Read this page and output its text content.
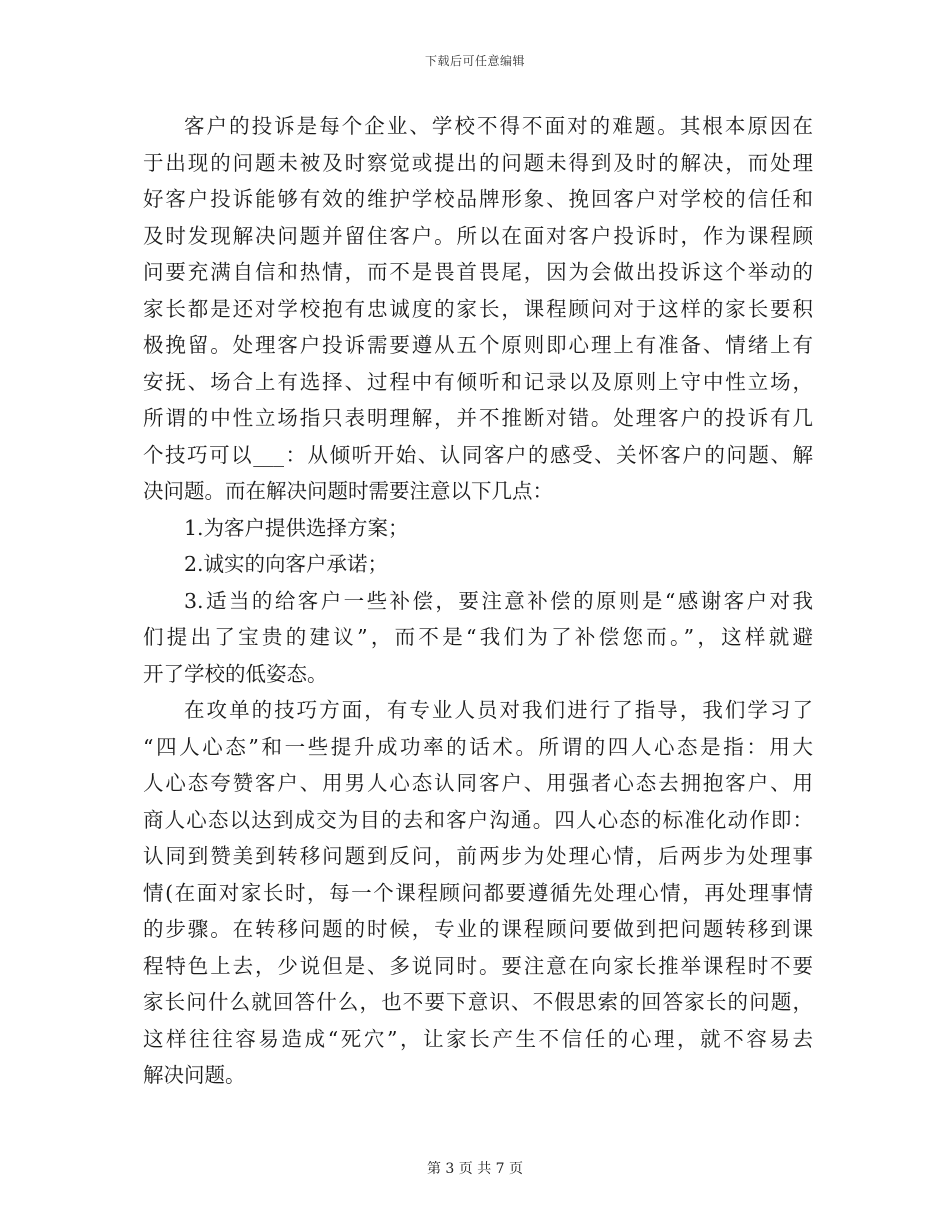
下载后可任意编辑
客户的投诉是每个企业、学校不得不面对的难题。其根本原因在
于出现的问题未被及时察觉或提出的问题未得到及时的解决，而处理
好客户投诉能够有效的维护学校品牌形象、挽回客户对学校的信任和
及时发现解决问题并留住客户。所以在面对客户投诉时，作为课程顾
问要充满自信和热情，而不是畏首畏尾，因为会做出投诉这个举动的
家长都是还对学校抱有忠诚度的家长，课程顾问对于这样的家长要积
极挽留。处理客户投诉需要遵从五个原则即心理上有准备、情绪上有
安抚、场合上有选择、过程中有倾听和记录以及原则上守中性立场，
所谓的中性立场指只表明理解，并不推断对错。处理客户的投诉有几
个技巧可以___：从倾听开始、认同客户的感受、关怀客户的问题、解
决问题。而在解决问题时需要注意以下几点：
1.为客户提供选择方案；
2.诚实的向客户承诺；
3.适当的给客户一些补偿，要注意补偿的原则是“感谢客户对我
们提出了宝贵的建议”，而不是“我们为了补偿您而。”，这样就避
开了学校的低姿态。
在攻单的技巧方面，有专业人员对我们进行了指导，我们学习了
“四人心态”和一些提升成功率的话术。所谓的四人心态是指：用大
人心态夸赞客户、用男人心态认同客户、用强者心态去拥抱客户、用
商人心态以达到成交为目的去和客户沟通。四人心态的标准化动作即：
认同到赞美到转移问题到反问，前两步为处理心情，后两步为处理事
情(在面对家长时，每一个课程顾问都要遵循先处理心情，再处理事情
的步骤。在转移问题的时候，专业的课程顾问要做到把问题转移到课
程特色上去，少说但是、多说同时。要注意在向家长推举课程时不要
家长问什么就回答什么，也不要下意识、不假思索的回答家长的问题，
这样往往容易造成“死穴”，让家长产生不信任的心理，就不容易去
解决问题。
第 3 页 共 7 页
